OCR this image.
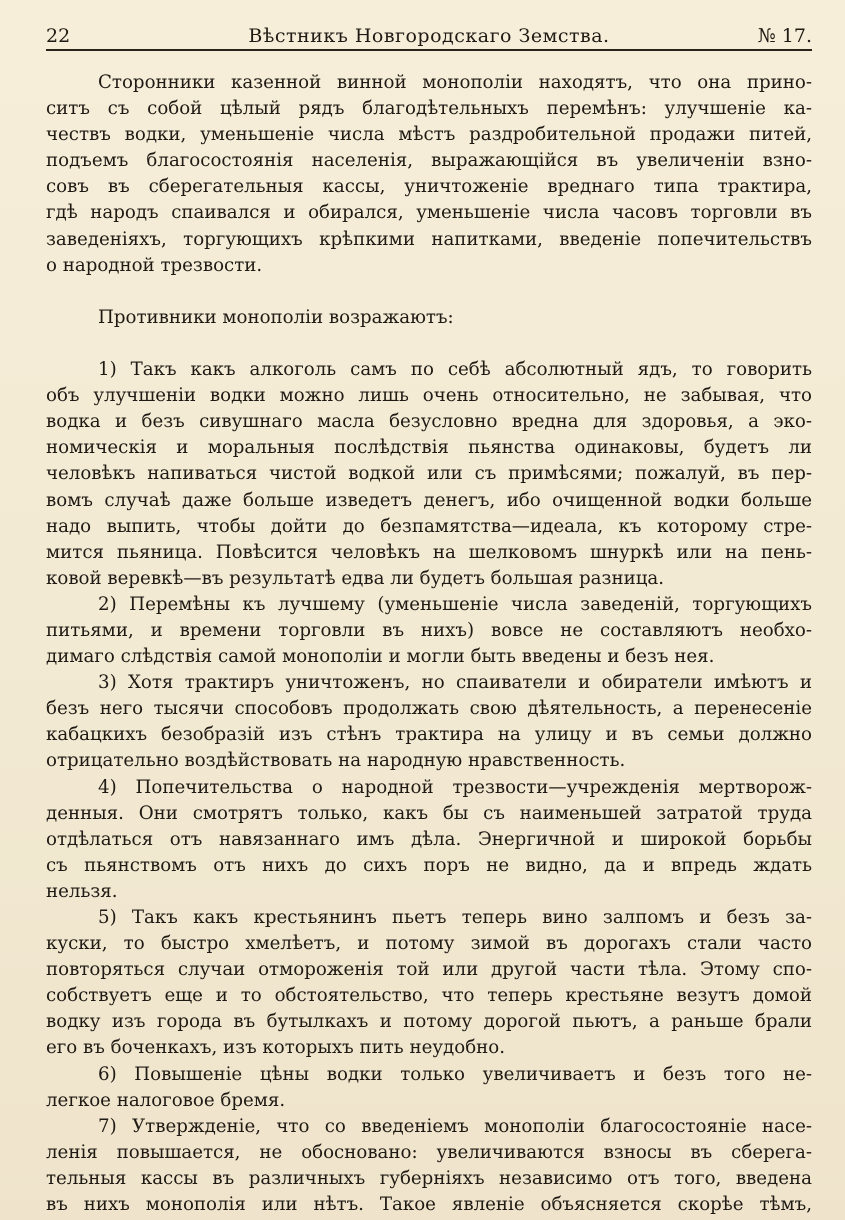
22	Вѣстникъ Новгородскаго Земства.	№ 17.
Сторонники казенной винной монополіи находятъ, что она прино-
ситъ съ собой цѣлый рядъ благодѣтельныхъ перемѣнъ: улучшеніе ка-
чествъ водки, уменьшеніе числа мѣстъ раздробительной продажи питей,
подъемъ благосостоянія населенія, выражающійся въ увеличеніи взно-
совъ въ сберегательныя кассы, уничтоженіе вреднаго типа трактира,
гдѣ народъ спаивался и обирался, уменьшеніе числа часовъ торговли въ
заведеніяхъ, торгующихъ крѣпкими напитками, введеніе попечительствъ
о народной трезвости.
Противники монополіи возражаютъ:
1) Такъ какъ алкоголь самъ по себѣ абсолютный ядъ, то говорить
объ улучшеніи водки можно лишь очень относительно, не забывая, что
водка и безъ сивушнаго масла безусловно вредна для здоровья, а эко-
номическія и моральныя послѣдствія пьянства одинаковы, будетъ ли
человѣкъ напиваться чистой водкой или съ примѣсями; пожалуй, въ пер-
вомъ случаѣ даже больше изведетъ денегъ, ибо очищенной водки больше
надо выпить, чтобы дойти до безпамятства—идеала, къ которому стре-
мится пьяница. Повѣсится человѣкъ на шелковомъ шнуркѣ или на пень-
ковой веревкѣ—въ результатѣ едва ли будетъ большая разница.
2) Перемѣны къ лучшему (уменьшеніе числа заведеній, торгующихъ
питьями, и времени торговли въ нихъ) вовсе не составляютъ необхо-
димаго слѣдствія самой монополіи и могли быть введены и безъ нея.
3) Хотя трактиръ уничтоженъ, но спаиватели и обиратели имѣютъ и
безъ него тысячи способовъ продолжать свою дѣятельность, а перенесеніе
кабацкихъ безобразій изъ стѣнъ трактира на улицу и въ семьи должно
отрицательно воздѣйствовать на народную нравственность.
4) Попечительства о народной трезвости—учрежденія мертворож-
денныя. Они смотрятъ только, какъ бы съ наименьшей затратой труда
отдѣлаться отъ навязаннаго имъ дѣла. Энергичной и широкой борьбы
съ пьянствомъ отъ нихъ до сихъ поръ не видно, да и впредь ждать
нельзя.
5) Такъ какъ крестьянинъ пьетъ теперь вино залпомъ и безъ за-
куски, то быстро хмелѣетъ, и потому зимой въ дорогахъ стали часто
повторяться случаи отмороженія той или другой части тѣла. Этому спо-
собствуетъ еще и то обстоятельство, что теперь крестьяне везутъ домой
водку изъ города въ бутылкахъ и потому дорогой пьютъ, а раньше брали
его въ боченкахъ, изъ которыхъ пить неудобно.
6) Повышеніе цѣны водки только увеличиваетъ и безъ того не-
легкое налоговое бремя.
7) Утвержденіе, что со введеніемъ монополіи благосостояніе насе-
ленія повышается, не обосновано: увеличиваются взносы въ сберега-
тельныя кассы въ различныхъ губерніяхъ независимо отъ того, введена
въ нихъ монополія или нѣтъ. Такое явленіе объясняется скорѣе тѣмъ,
